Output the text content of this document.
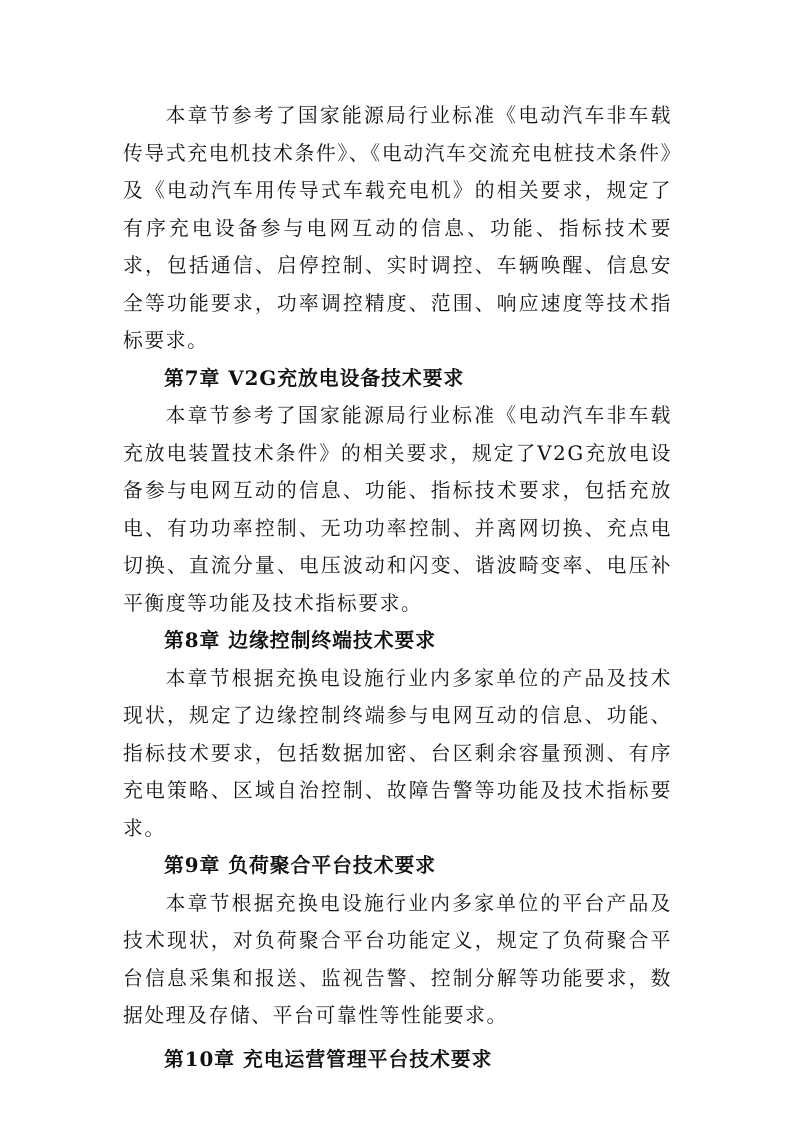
本章节参考了国家能源局行业标准《电动汽车非车载传导式充电机技术条件》、《电动汽车交流充电桩技术条件》及《电动汽车用传导式车载充电机》的相关要求，规定了有序充电设备参与电网互动的信息、功能、指标技术要求，包括通信、启停控制、实时调控、车辆唤醒、信息安全等功能要求，功率调控精度、范围、响应速度等技术指标要求。

第7章 V2G充放电设备技术要求

本章节参考了国家能源局行业标准《电动汽车非车载充放电装置技术条件》的相关要求，规定了V2G充放电设备参与电网互动的信息、功能、指标技术要求，包括充放电、有功功率控制、无功功率控制、并离网切换、充点电切换、直流分量、电压波动和闪变、谐波畸变率、电压补平衡度等功能及技术指标要求。

第8章 边缘控制终端技术要求

本章节根据充换电设施行业内多家单位的产品及技术现状，规定了边缘控制终端参与电网互动的信息、功能、指标技术要求，包括数据加密、台区剩余容量预测、有序充电策略、区域自治控制、故障告警等功能及技术指标要求。

第9章 负荷聚合平台技术要求

本章节根据充换电设施行业内多家单位的平台产品及技术现状，对负荷聚合平台功能定义，规定了负荷聚合平台信息采集和报送、监视告警、控制分解等功能要求，数据处理及存储、平台可靠性等性能要求。

第10章 充电运营管理平台技术要求
